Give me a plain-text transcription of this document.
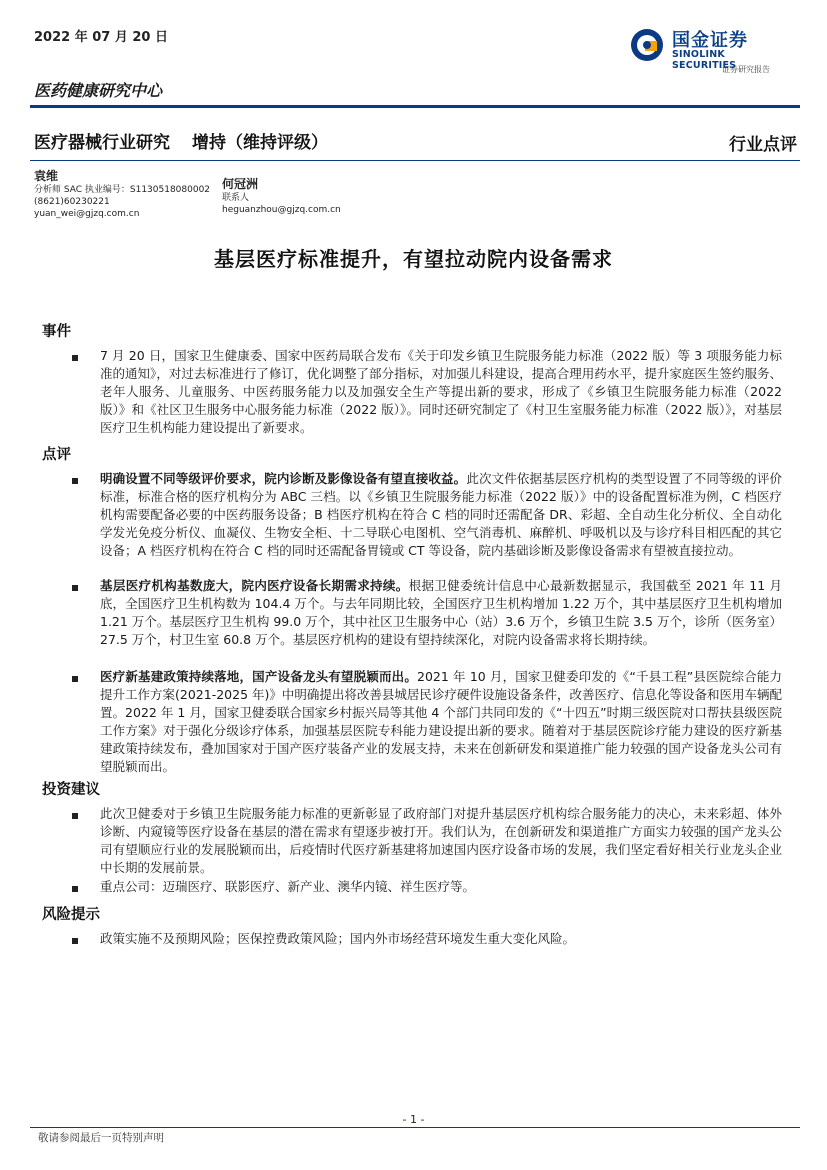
2022 年 07 月 20 日	国金证券
SINOLINK SECURITIES
证券研究报告
医药健康研究中心
医疗器械行业研究 增持（维持评级）	行业点评
袁维
分析师 SAC 执业编号：S1130518080002
(8621)60230221
yuan_wei@gjzq.com.cn
何冠洲
联系人
heguanzhou@gjzq.com.cn
基层医疗标准提升，有望拉动院内设备需求
事件
7 月 20 日，国家卫生健康委、国家中医药局联合发布《关于印发乡镇卫生院服务能力标准（2022 版）等 3 项服务能力标准的通知》，对过去标准进行了修订，优化调整了部分指标，对加强儿科建设，提高合理用药水平，提升家庭医生签约服务、老年人服务、儿童服务、中医药服务能力以及加强安全生产等提出新的要求，形成了《乡镇卫生院服务能力标准（2022 版）》和《社区卫生服务中心服务能力标准（2022 版）》。同时还研究制定了《村卫生室服务能力标准（2022 版）》，对基层医疗卫生机构能力建设提出了新要求。
点评
明确设置不同等级评价要求，院内诊断及影像设备有望直接收益。此次文件依据基层医疗机构的类型设置了不同等级的评价标准，标准合格的医疗机构分为 ABC 三档。以《乡镇卫生院服务能力标准（2022 版）》中的设备配置标准为例，C 档医疗机构需要配备必要的中医药服务设备；B 档医疗机构在符合 C 档的同时还需配备 DR、彩超、全自动生化分析仪、全自动化学发光免疫分析仪、血凝仪、生物安全柜、十二导联心电图机、空气消毒机、麻醉机、呼吸机以及与诊疗科目相匹配的其它设备；A 档医疗机构在符合 C 档的同时还需配备胃镜或 CT 等设备，院内基础诊断及影像设备需求有望被直接拉动。
基层医疗机构基数庞大，院内医疗设备长期需求持续。根据卫健委统计信息中心最新数据显示，我国截至 2021 年 11 月底，全国医疗卫生机构数为 104.4 万个。与去年同期比较，全国医疗卫生机构增加 1.22 万个，其中基层医疗卫生机构增加 1.21 万个。基层医疗卫生机构 99.0 万个，其中社区卫生服务中心（站）3.6 万个，乡镇卫生院 3.5 万个，诊所（医务室）27.5 万个，村卫生室 60.8 万个。基层医疗机构的建设有望持续深化，对院内设备需求将长期持续。
医疗新基建政策持续落地，国产设备龙头有望脱颖而出。2021 年 10 月，国家卫健委印发的《“千县工程”县医院综合能力提升工作方案(2021-2025 年)》中明确提出将改善县城居民诊疗硬件设施设备条件，改善医疗、信息化等设备和医用车辆配置。2022 年 1 月，国家卫健委联合国家乡村振兴局等其他 4 个部门共同印发的《“十四五”时期三级医院对口帮扶县级医院工作方案》对于强化分级诊疗体系，加强基层医院专科能力建设提出新的要求。随着对于基层医院诊疗能力建设的医疗新基建政策持续发布，叠加国家对于国产医疗装备产业的发展支持，未来在创新研发和渠道推广能力较强的国产设备龙头公司有望脱颖而出。
投资建议
此次卫健委对于乡镇卫生院服务能力标准的更新彰显了政府部门对提升基层医疗机构综合服务能力的决心，未来彩超、体外诊断、内窥镜等医疗设备在基层的潜在需求有望逐步被打开。我们认为，在创新研发和渠道推广方面实力较强的国产龙头公司有望顺应行业的发展脱颖而出，后疫情时代医疗新基建将加速国内医疗设备市场的发展，我们坚定看好相关行业龙头企业中长期的发展前景。
重点公司：迈瑞医疗、联影医疗、新产业、澳华内镜、祥生医疗等。
风险提示
政策实施不及预期风险；医保控费政策风险；国内外市场经营环境发生重大变化风险。
- 1 -
敬请参阅最后一页特别声明
